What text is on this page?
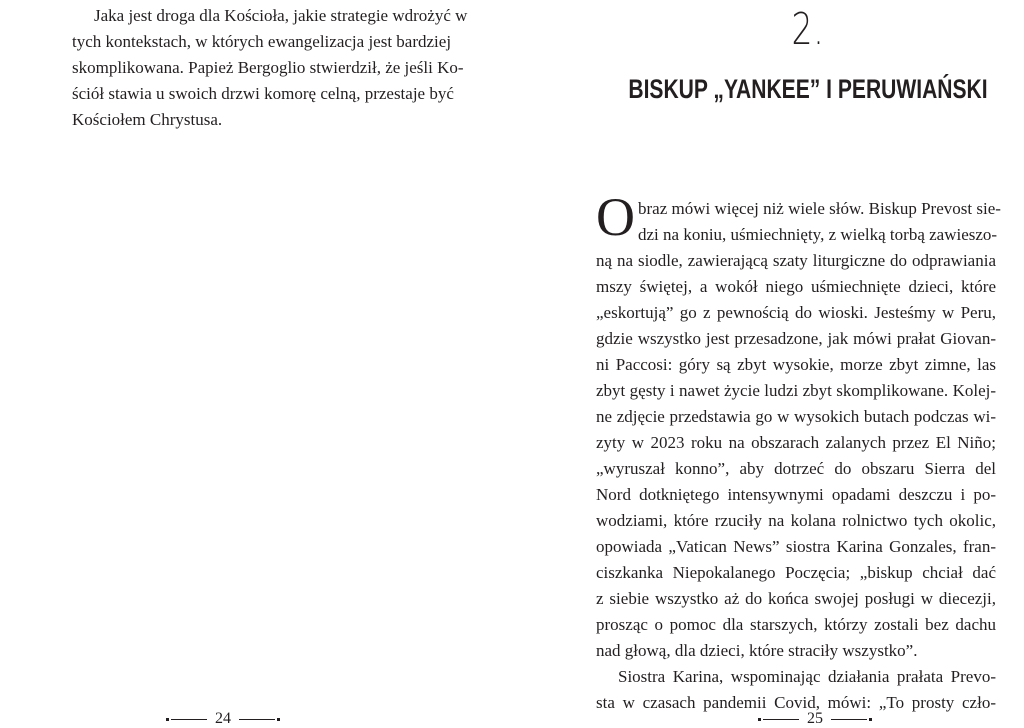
Jaka jest droga dla Kościoła, jakie strategie wdrożyć w
tych kontekstach, w których ewangelizacja jest bardziej
skomplikowana. Papież Bergoglio stwierdził, że jeśli Ko-
ściół stawia u swoich drzwi komorę celną, przestaje być
Kościołem Chrystusa.

24
2.
BISKUP „YANKEE” I PERUWIAŃSKI

O braz mówi więcej niż wiele słów. Biskup Prevost sie-
dzi na koniu, uśmiechnięty, z wielką torbą zawieszo-
ną na siodle, zawierającą szaty liturgiczne do odprawiania
mszy świętej, a wokół niego uśmiechnięte dzieci, które
„eskortują” go z pewnością do wioski. Jesteśmy w Peru,
gdzie wszystko jest przesadzone, jak mówi prałat Giovan-
ni Paccosi: góry są zbyt wysokie, morze zbyt zimne, las
zbyt gęsty i nawet życie ludzi zbyt skomplikowane. Kolej-
ne zdjęcie przedstawia go w wysokich butach podczas wi-
zyty w 2023 roku na obszarach zalanych przez El Niño;
„wyruszał konno”, aby dotrzeć do obszaru Sierra del
Nord dotkniętego intensywnymi opadami deszczu i po-
wodziami, które rzuciły na kolana rolnictwo tych okolic,
opowiada „Vatican News” siostra Karina Gonzales, fran-
ciszkanka Niepokalanego Poczęcia; „biskup chciał dać
z siebie wszystko aż do końca swojej posługi w diecezji,
prosząc o pomoc dla starszych, którzy zostali bez dachu
nad głową, dla dzieci, które straciły wszystko”.
Siostra Karina, wspominając działania prałata Prevo-
sta w czasach pandemii Covid, mówi: „To prosty czło-

25
